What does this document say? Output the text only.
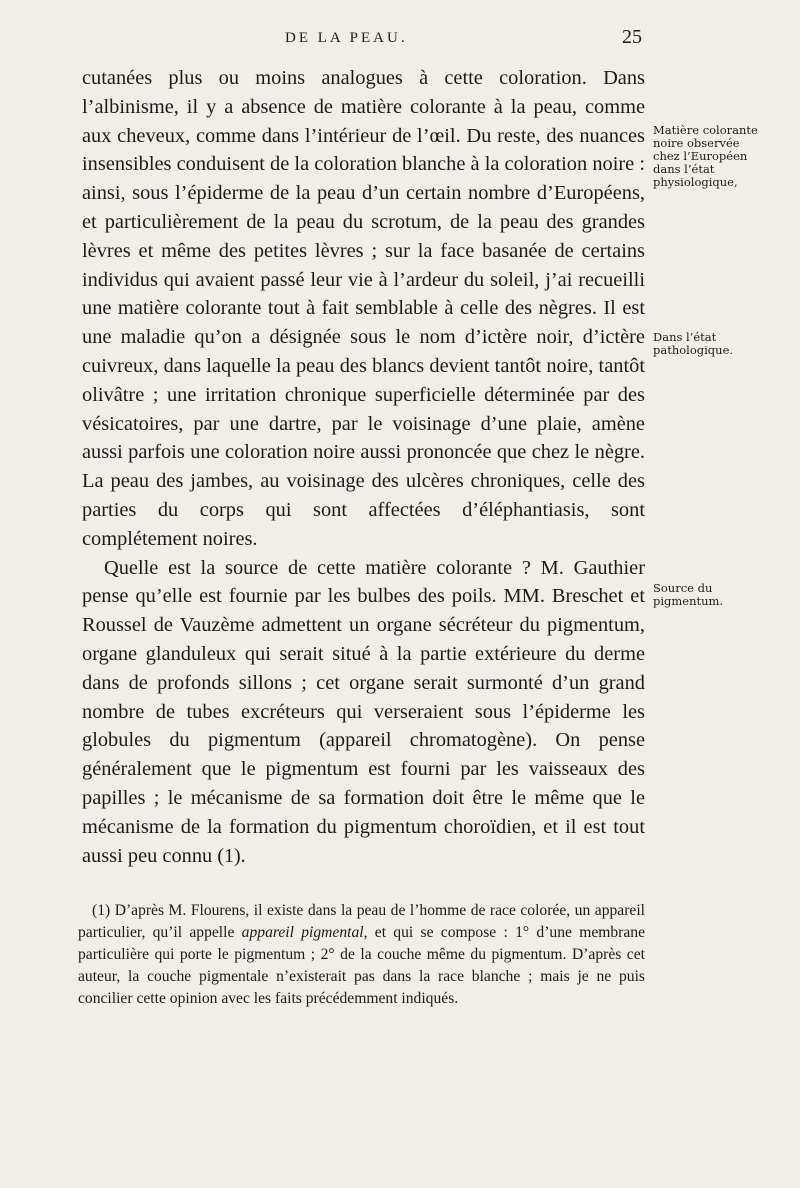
DE LA PEAU.	25

cutanées plus ou moins analogues à cette coloration. Dans l’albinisme, il y a absence de matière colorante à la peau, comme aux cheveux, comme dans l’intérieur de l’œil. Du reste, des nuances insensibles conduisent de la coloration blanche à la coloration noire : ainsi, sous l’épiderme de la peau d’un certain nombre d’Européens, et particulièrement de la peau du scrotum, de la peau des grandes lèvres et même des petites lèvres ; sur la face basanée de certains individus qui avaient passé leur vie à l’ardeur du soleil, j’ai recueilli une matière colorante tout à fait semblable à celle des nègres. Il est une maladie qu’on a désignée sous le nom d’ictère noir, d’ictère cuivreux, dans laquelle la peau des blancs devient tantôt noire, tantôt olivâtre ; une irritation chronique superficielle déterminée par des vésicatoires, par une dartre, par le voisinage d’une plaie, amène aussi parfois une coloration noire aussi prononcée que chez le nègre. La peau des jambes, au voisinage des ulcères chroniques, celle des parties du corps qui sont affectées d’éléphantiasis, sont complétement noires.

Quelle est la source de cette matière colorante ? M. Gauthier pense qu’elle est fournie par les bulbes des poils. MM. Breschet et Roussel de Vauzème admettent un organe sécréteur du pigmentum, organe glanduleux qui serait situé à la partie extérieure du derme dans de profonds sillons ; cet organe serait surmonté d’un grand nombre de tubes excréteurs qui verseraient sous l’épiderme les globules du pigmentum (appareil chromatogène). On pense généralement que le pigmentum est fourni par les vaisseaux des papilles ; le mécanisme de sa formation doit être le même que le mécanisme de la formation du pigmentum choroïdien, et il est tout aussi peu connu (1).

Matière colorante noire observée chez l’Européen dans l’état physiologique,
Dans l’état pathologique.
Source du pigmentum.

(1) D’après M. Flourens, il existe dans la peau de l’homme de race colorée, un appareil particulier, qu’il appelle appareil pigmental, et qui se compose : 1° d’une membrane particulière qui porte le pigmentum ; 2° de la couche même du pigmentum. D’après cet auteur, la couche pigmentale n’existerait pas dans la race blanche ; mais je ne puis concilier cette opinion avec les faits précédemment indiqués.
